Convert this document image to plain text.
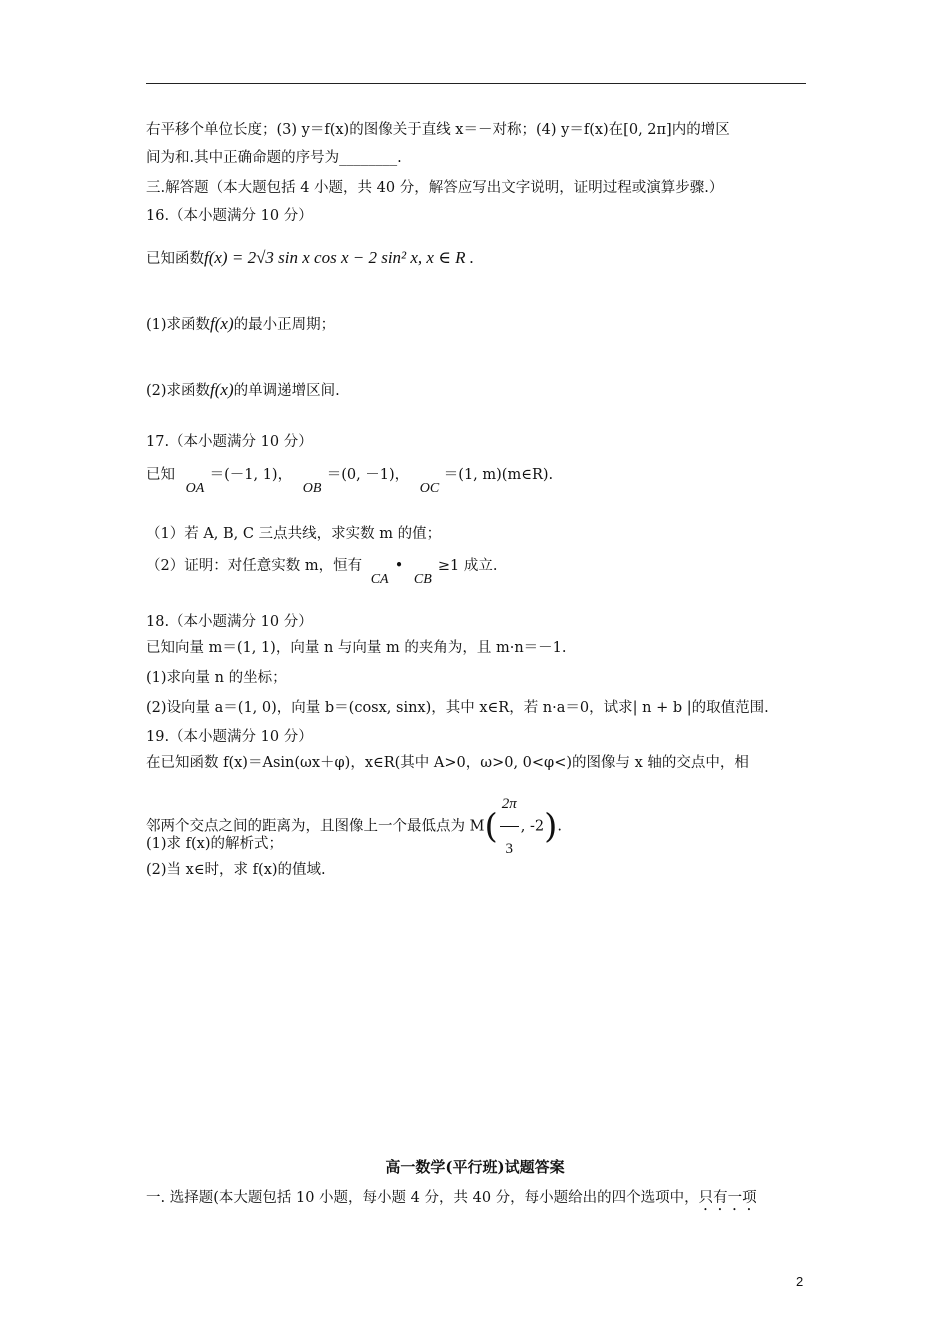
右平移个单位长度；(3) y＝f(x)的图像关于直线 x＝－对称；(4) y＝f(x)在[0, 2π]内的增区
间为和.其中正确命题的序号为________.
三.解答题（本大题包括 4 小题，共 40 分，解答应写出文字说明，证明过程或演算步骤.）
16.（本小题满分 10 分）
已知函数f(x) = 2√3 sin x cos x − 2 sin² x, x ∈ R .
(1)求函数f(x)的最小正周期；
(2)求函数f(x)的单调递增区间.
17.（本小题满分 10 分）
已知
OA
＝(－1, 1)，
OB
＝(0, －1)，
OC
＝(1, m)(m∈R).
（1）若 A, B, C 三点共线，求实数 m 的值；
（2）证明：对任意实数 m，恒有
CA
•
CB
≥1 成立.
18.（本小题满分 10 分）
已知向量 m＝(1, 1)，向量 n 与向量 m 的夹角为，且 m·n＝－1.
(1)求向量 n 的坐标；
(2)设向量 a＝(1, 0)，向量 b＝(cosx, sinx)，其中 x∈R，若 n·a＝0，试求| n + b |的取值范围.
19.（本小题满分 10 分）
在已知函数 f(x)＝Asin(ωx＋φ)，x∈R(其中 A>0，ω>0, 0<φ<)的图像与 x 轴的交点中，相
邻两个交点之间的距离为，且图像上一个最低点为 $M( \frac{2\pi}{3}$ , -2).
(1)求 f(x)的解析式；
(2)当 x∈时，求 f(x)的值域.
高一数学(平行班)试题答案
一. 选择题(本大题包括 10 小题，每小题 4 分，共 40 分，每小题给出的四个选项中，只有一项
2
